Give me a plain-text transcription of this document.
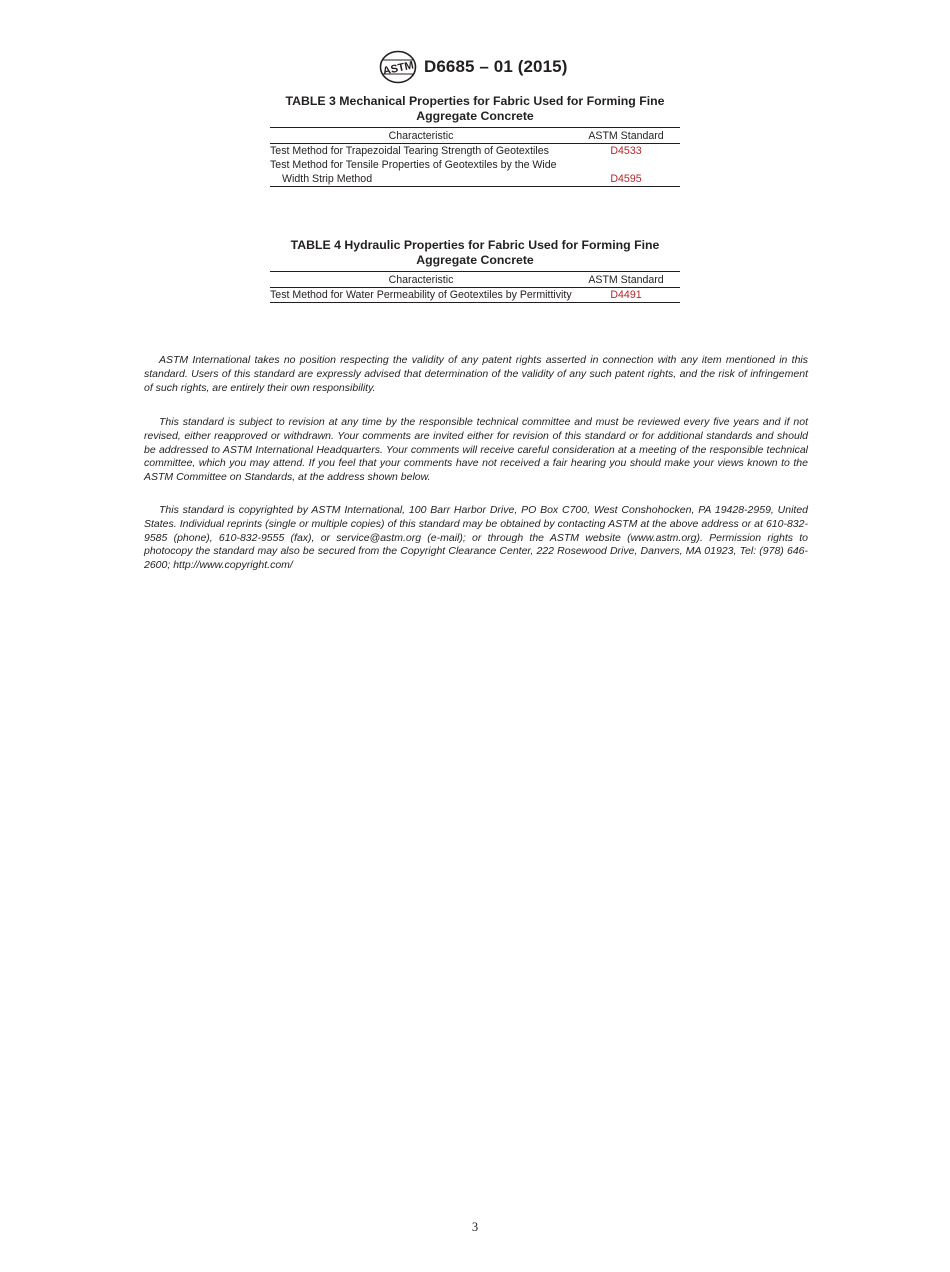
ASTM D6685 – 01 (2015)
TABLE 3 Mechanical Properties for Fabric Used for Forming Fine
Aggregate Concrete
Characteristic	ASTM Standard

Test Method for Trapezoidal Tearing Strength of Geotextiles	D4533

Test Method for Tensile Properties of Geotextiles by the Wide Width Strip Method	D4595
TABLE 4 Hydraulic Properties for Fabric Used for Forming Fine
Aggregate Concrete
Characteristic	ASTM Standard

Test Method for Water Permeability of Geotextiles by Permittivity	D4491

ASTM International takes no position respecting the validity of any patent rights asserted in connection with any item mentioned in this standard. Users of this standard are expressly advised that determination of the validity of any such patent rights, and the risk of infringement of such rights, are entirely their own responsibility.

This standard is subject to revision at any time by the responsible technical committee and must be reviewed every five years and if not revised, either reapproved or withdrawn. Your comments are invited either for revision of this standard or for additional standards and should be addressed to ASTM International Headquarters. Your comments will receive careful consideration at a meeting of the responsible technical committee, which you may attend. If you feel that your comments have not received a fair hearing you should make your views known to the ASTM Committee on Standards, at the address shown below.

This standard is copyrighted by ASTM International, 100 Barr Harbor Drive, PO Box C700, West Conshohocken, PA 19428-2959, United States. Individual reprints (single or multiple copies) of this standard may be obtained by contacting ASTM at the above address or at 610-832-9585 (phone), 610-832-9555 (fax), or service@astm.org (e-mail); or through the ASTM website (www.astm.org). Permission rights to photocopy the standard may also be secured from the Copyright Clearance Center, 222 Rosewood Drive, Danvers, MA 01923, Tel: (978) 646-2600; http://www.copyright.com/

3
